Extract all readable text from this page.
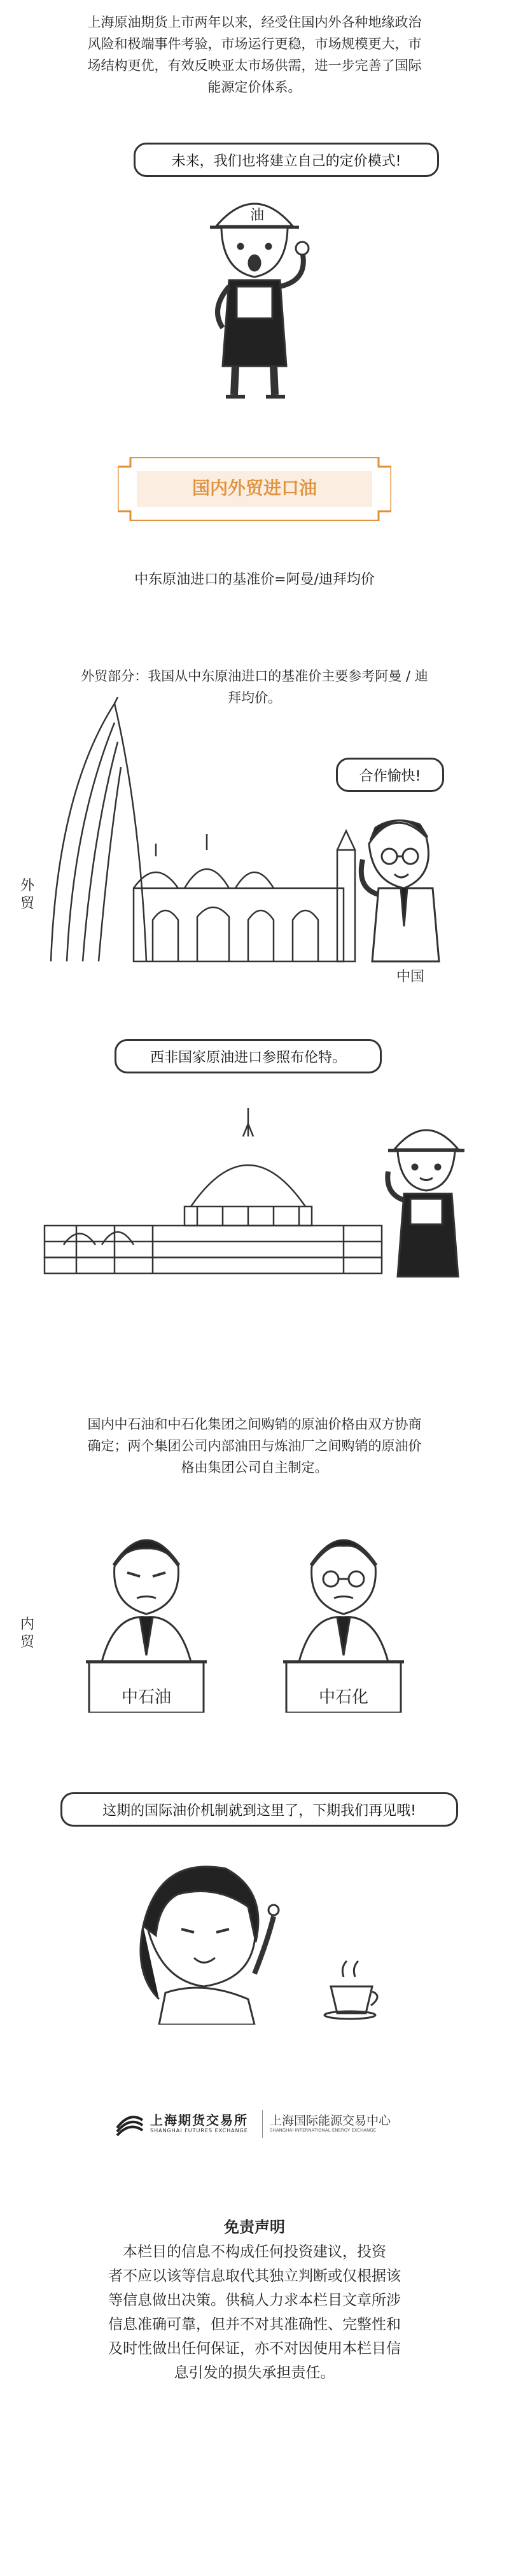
上海原油期货上市两年以来，经受住国内外各种地缘政治
风险和极端事件考验，市场运行更稳，市场规模更大，市
场结构更优，有效反映亚太市场供需，进一步完善了国际
能源定价体系。
未来，我们也将建立自己的定价模式!
油
国内外贸进口油
中东原油进口的基准价=阿曼/迪拜均价
外贸部分：我国从中东原油进口的基准价主要参考阿曼 / 迪
拜均价。
合作愉快!
外
贸
中国
西非国家原油进口参照布伦特。
国内中石油和中石化集团之间购销的原油价格由双方协商
确定；两个集团公司内部油田与炼油厂之间购销的原油价
格由集团公司自主制定。
内
贸
中石油	中石化
这期的国际油价机制就到这里了，下期我们再见哦!
上海期货交易所
SHANGHAI FUTURES EXCHANGE
上海国际能源交易中心
SHANGHAI INTERNATIONAL ENERGY EXCHANGE
免责声明
本栏目的信息不构成任何投资建议，投资
者不应以该等信息取代其独立判断或仅根据该
等信息做出决策。供稿人力求本栏目文章所涉
信息准确可靠，但并不对其准确性、完整性和
及时性做出任何保证，亦不对因使用本栏目信
息引发的损失承担责任。
